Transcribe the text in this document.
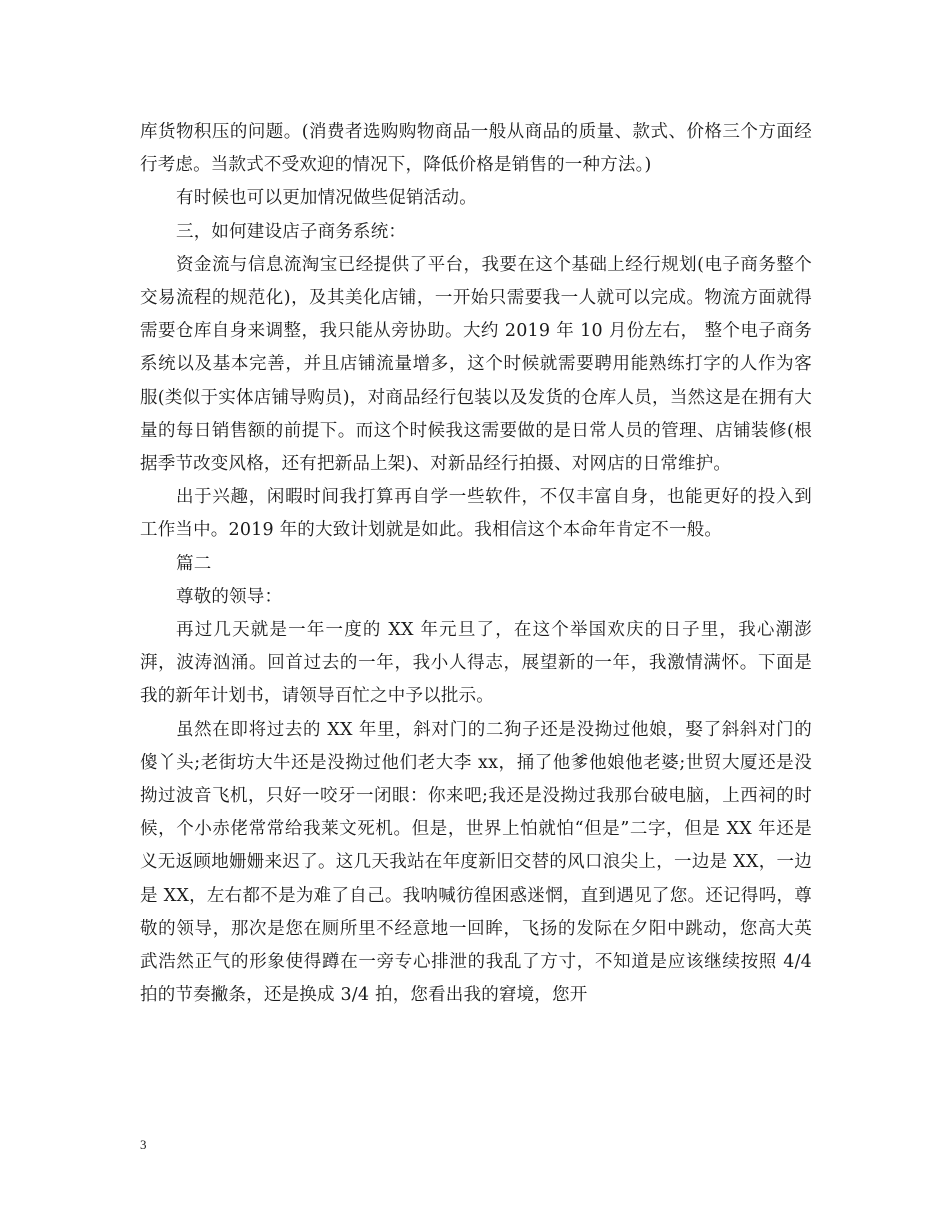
库货物积压的问题。(消费者选购购物商品一般从商品的质量、款式、价格三个方面经行考虑。当款式不受欢迎的情况下，降低价格是销售的一种方法。)

有时候也可以更加情况做些促销活动。

三，如何建设店子商务系统：

资金流与信息流淘宝已经提供了平台，我要在这个基础上经行规划(电子商务整个交易流程的规范化)，及其美化店铺，一开始只需要我一人就可以完成。物流方面就得需要仓库自身来调整，我只能从旁协助。大约 2019 年 10 月份左右， 整个电子商务系统以及基本完善，并且店铺流量增多，这个时候就需要聘用能熟练打字的人作为客服(类似于实体店铺导购员)，对商品经行包装以及发货的仓库人员，当然这是在拥有大量的每日销售额的前提下。而这个时候我这需要做的是日常人员的管理、店铺装修(根据季节改变风格，还有把新品上架)、对新品经行拍摄、对网店的日常维护。

出于兴趣，闲暇时间我打算再自学一些软件，不仅丰富自身，也能更好的投入到工作当中。2019 年的大致计划就是如此。我相信这个本命年肯定不一般。

篇二

尊敬的领导：

再过几天就是一年一度的 XX 年元旦了，在这个举国欢庆的日子里，我心潮澎湃，波涛汹涌。回首过去的一年，我小人得志，展望新的一年，我激情满怀。下面是我的新年计划书，请领导百忙之中予以批示。

虽然在即将过去的 XX 年里，斜对门的二狗子还是没拗过他娘，娶了斜斜对门的傻丫头;老街坊大牛还是没拗过他们老大李 xx，捅了他爹他娘他老婆;世贸大厦还是没拗过波音飞机，只好一咬牙一闭眼：你来吧;我还是没拗过我那台破电脑，上西祠的时候，个小赤佬常常给我莱文死机。但是，世界上怕就怕“但是”二字，但是 XX 年还是义无返顾地姗姗来迟了。这几天我站在年度新旧交替的风口浪尖上，一边是 XX，一边是 XX，左右都不是为难了自己。我呐喊彷徨困惑迷惘，直到遇见了您。还记得吗，尊敬的领导，那次是您在厕所里不经意地一回眸，飞扬的发际在夕阳中跳动，您高大英武浩然正气的形象使得蹲在一旁专心排泄的我乱了方寸，不知道是应该继续按照 4/4 拍的节奏撇条，还是换成 3/4 拍，您看出我的窘境，您开

3
